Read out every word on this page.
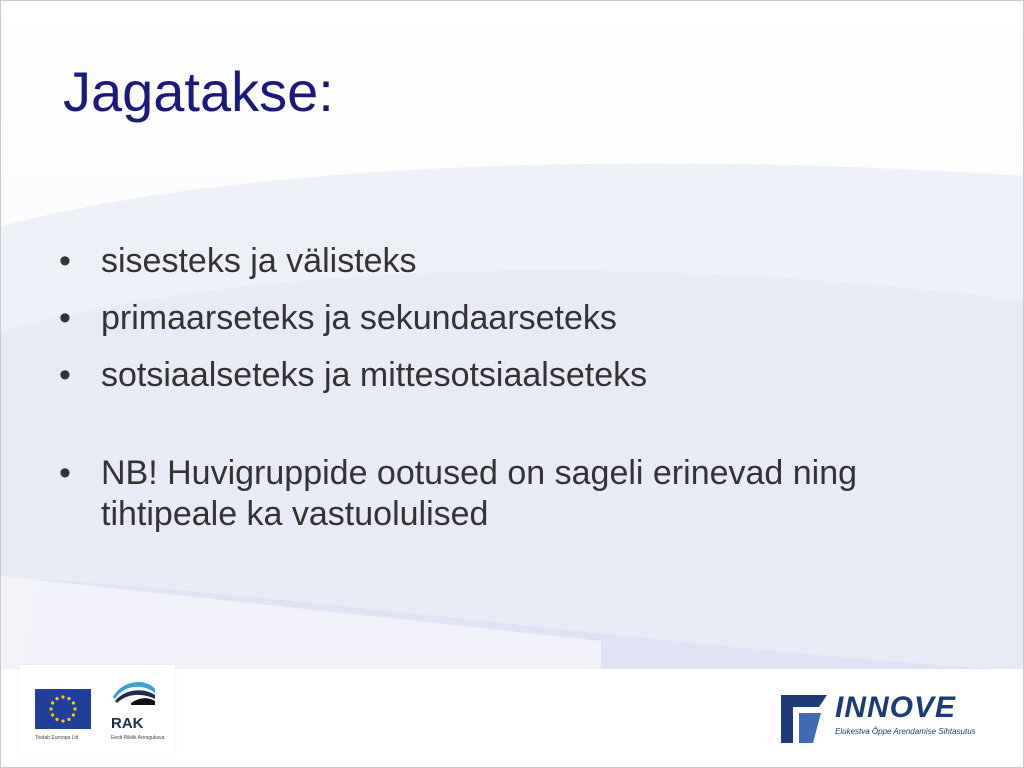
Jagatakse:
• sisesteks ja välisteks
• primaarseteks ja sekundaarseteks
• sotsiaalseteks ja mittesotsiaalseteks
• NB! Huvigruppide ootused on sageli erinevad ning tihtipeale ka vastuolulised
Toetab Euroopa Liit
RAK
Eesti Riiklik Arengukava
INNOVE
Elukestva Õppe Arendamise Sihtasutus
